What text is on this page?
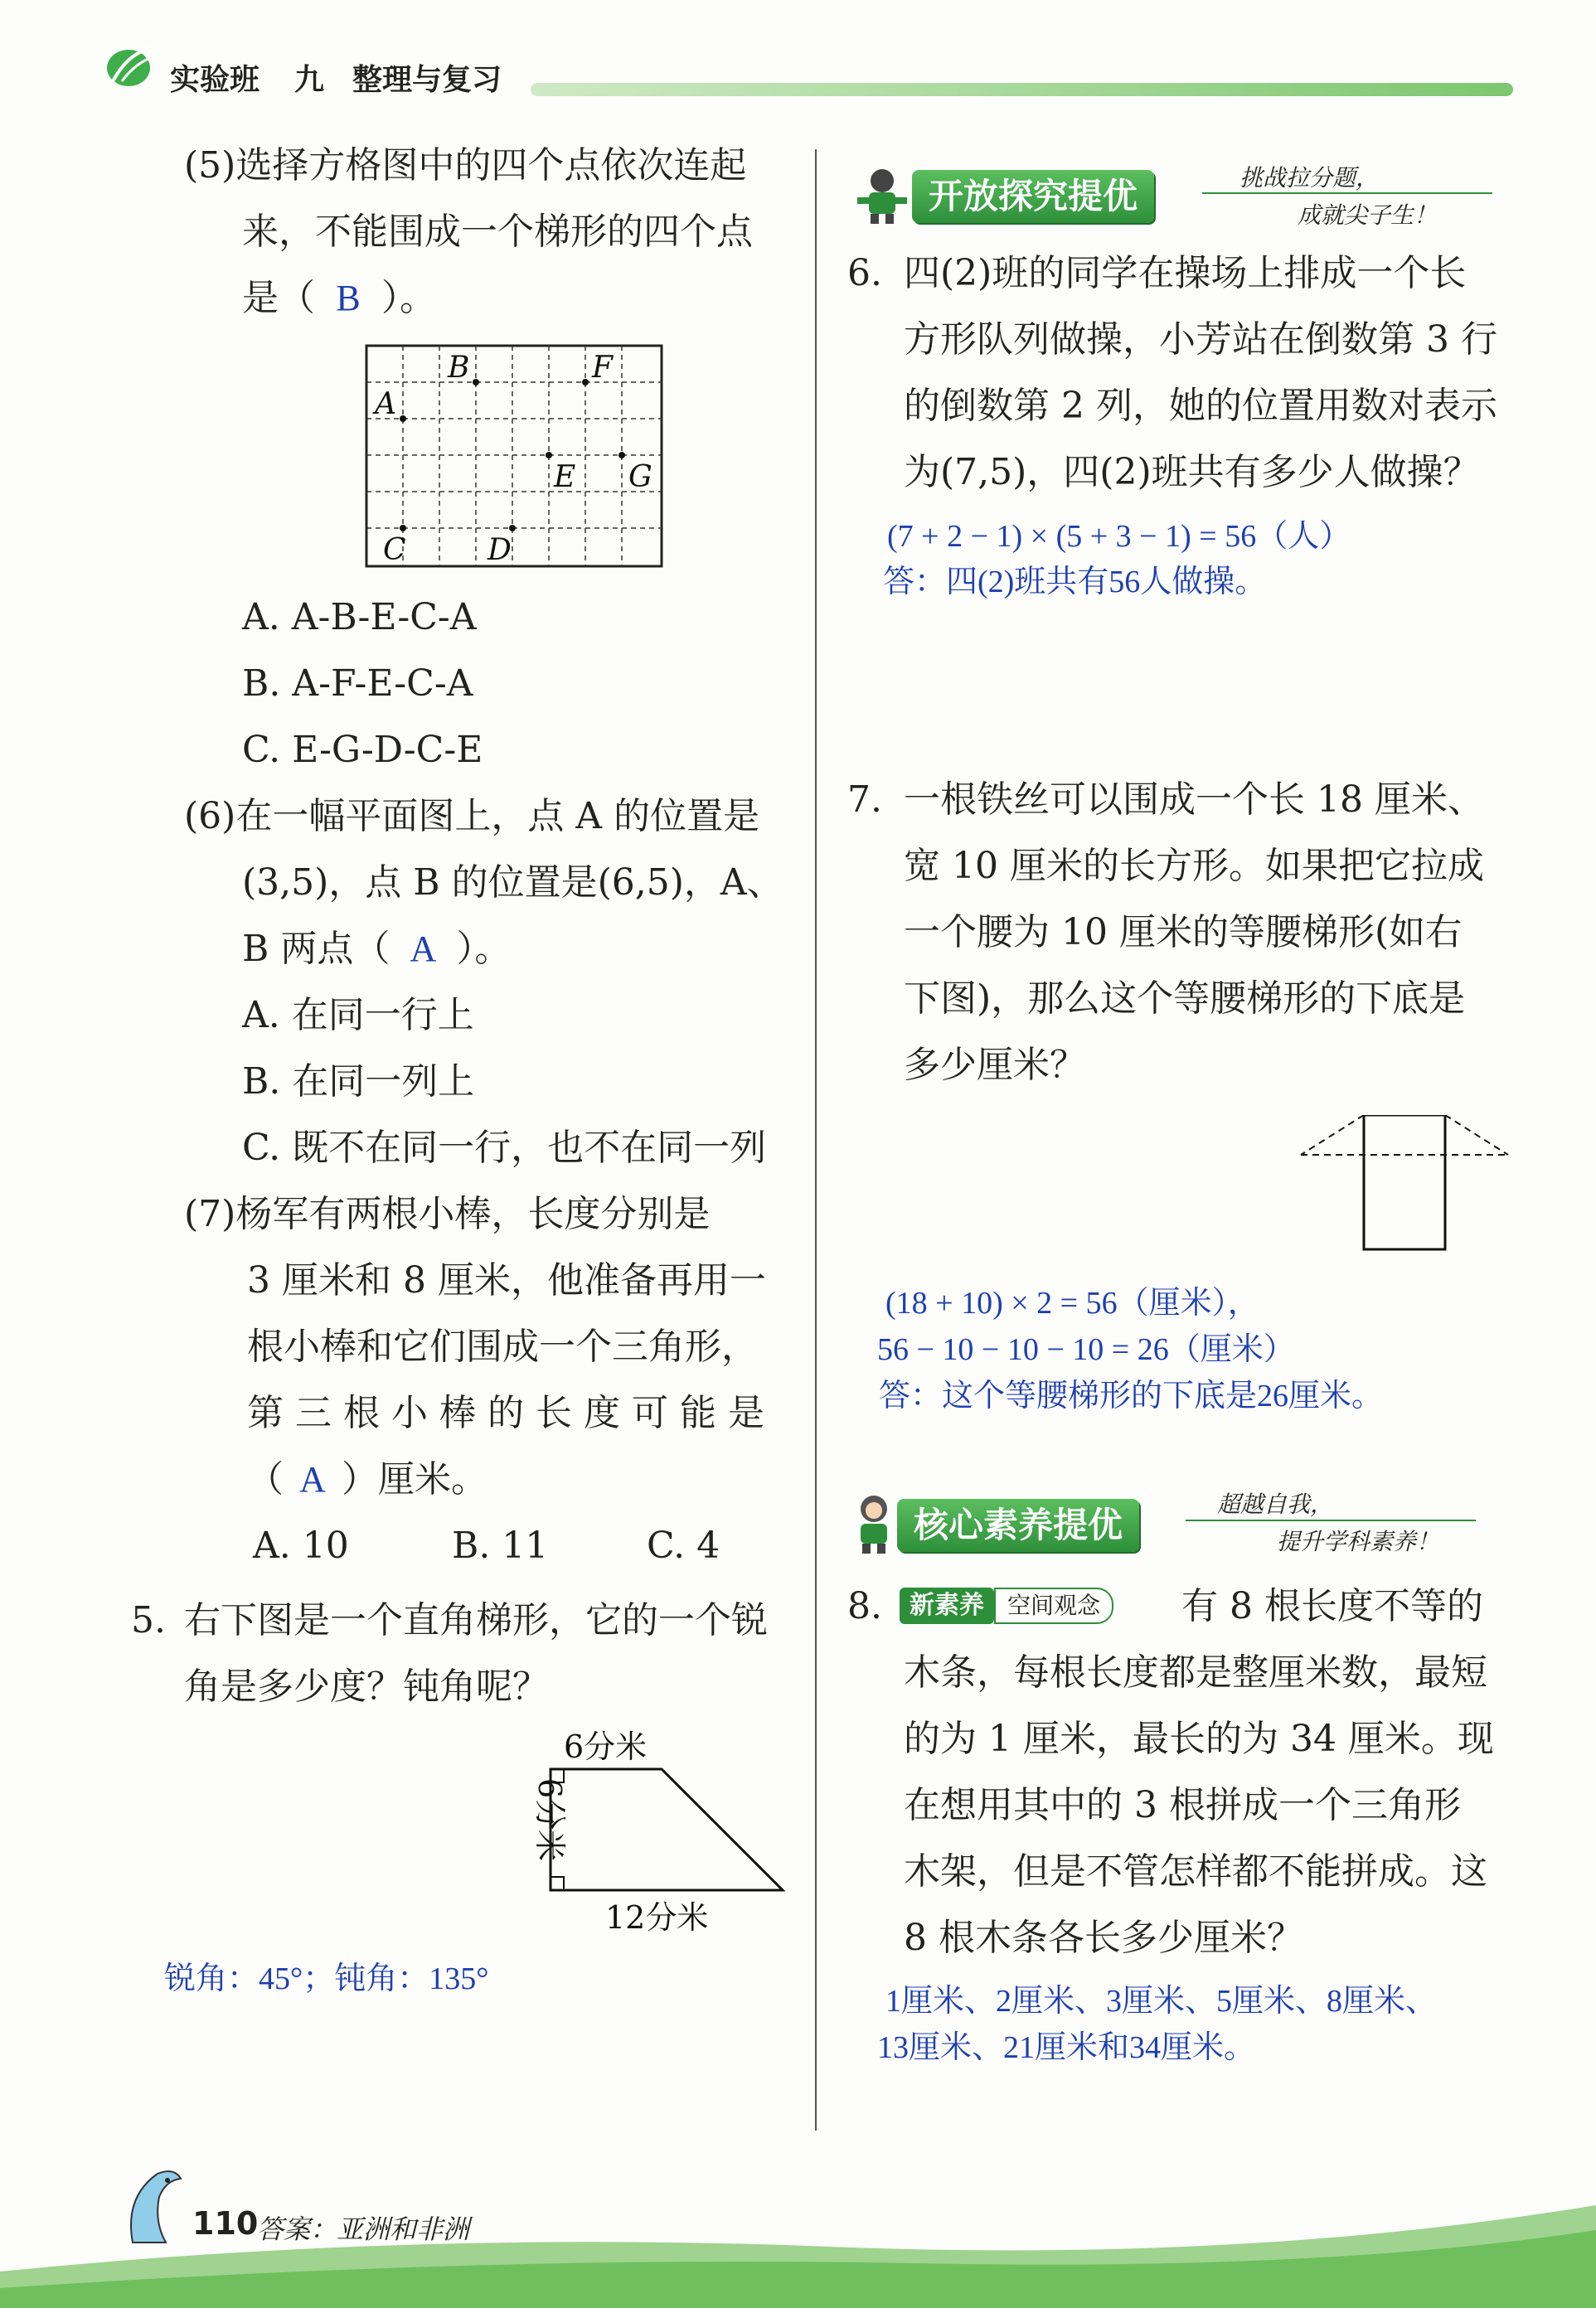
实验班 九 整理与复习
(5)选择方格图中的四个点依次连起
来，不能围成一个梯形的四个点
是（ B ）。
A
B
C	D
E
F
G
A. A-B-E-C-A
B. A-F-E-C-A
C. E-G-D-C-E
(6)在一幅平面图上，点 A 的位置是
(3,5)，点 B 的位置是(6,5)，A、
B 两点（ A ）。
A. 在同一行上
B. 在同一列上
C. 既不在同一行，也不在同一列
(7)杨军有两根小棒，长度分别是
3 厘米和 8 厘米，他准备再用一
根小棒和它们围成一个三角形，
第三根小棒的长度可能是
（ A ）厘米。
A. 10	B. 11	C. 4
5. 右下图是一个直角梯形，它的一个锐
角是多少度？钝角呢？
6分米
12分米
6分米
锐角：45°；钝角：135°
开放探究提优	挑战拉分题，
成就尖子生！
6. 四(2)班的同学在操场上排成一个长
方形队列做操，小芳站在倒数第 3 行
的倒数第 2 列，她的位置用数对表示
为(7,5)，四(2)班共有多少人做操？
(7 + 2 − 1) × (5 + 3 − 1) = 56（人）
答：四(2)班共有56人做操。
7. 一根铁丝可以围成一个长 18 厘米、
宽 10 厘米的长方形。如果把它拉成
一个腰为 10 厘米的等腰梯形(如右
下图)，那么这个等腰梯形的下底是
多少厘米？
(18 + 10) × 2 = 56（厘米），
56 − 10 − 10 − 10 = 26（厘米）
答：这个等腰梯形的下底是26厘米。
核心素养提优
超越自我，
提升学科素养！
8.	新素养 空间观念	有 8 根长度不等的
木条，每根长度都是整厘米数，最短
的为 1 厘米，最长的为 34 厘米。现
在想用其中的 3 根拼成一个三角形
木架，但是不管怎样都不能拼成。这
8 根木条各长多少厘米？
1厘米、2厘米、3厘米、5厘米、8厘米、
13厘米、21厘米和34厘米。
110
答案：亚洲和非洲
